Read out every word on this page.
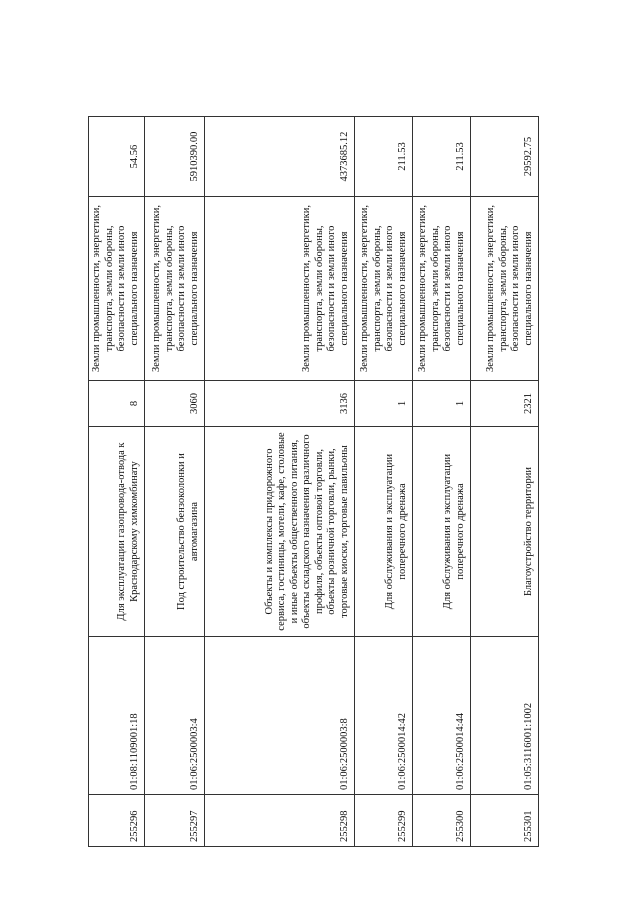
255296	01:08:1109001:18	Для эксплуатации газопровода-отвода к Краснодарскому химкомбинату	8	Земли промышленности, энергетики, транспорта, земли обороны, безопасности и земли иного специального назначения	54.56
255297	01:06:2500003:4	Под строительство бензоколонки и автомагазина	3060	Земли промышленности, энергетики, транспорта, земли обороны, безопасности и земли иного специального назначения	5910390.00
255298	01:06:2500003:8	Объекты и комплексы придорожного сервиса, гостиницы, мотели, кафе, столовые и иные объекты общественного питания, объекты складского назначения различного профиля, объекты оптовой торговли, объекты розничной торговли, рынки, торговые киоски, торговые павильоны	3136	Земли промышленности, энергетики, транспорта, земли обороны, безопасности и земли иного специального назначения	4373685.12
255299	01:06:2500014:42	Для обслуживания и эксплуатации поперечного дренажа	1	Земли промышленности, энергетики, транспорта, земли обороны, безопасности и земли иного специального назначения	211.53
255300	01:06:2500014:44	Для обслуживания и эксплуатации поперечного дренажа	1	Земли промышленности, энергетики, транспорта, земли обороны, безопасности и земли иного специального назначения	211.53
255301	01:05:3116001:1002	Благоустройство территории	2321	Земли промышленности, энергетики, транспорта, земли обороны, безопасности и земли иного специального назначения	29592.75
